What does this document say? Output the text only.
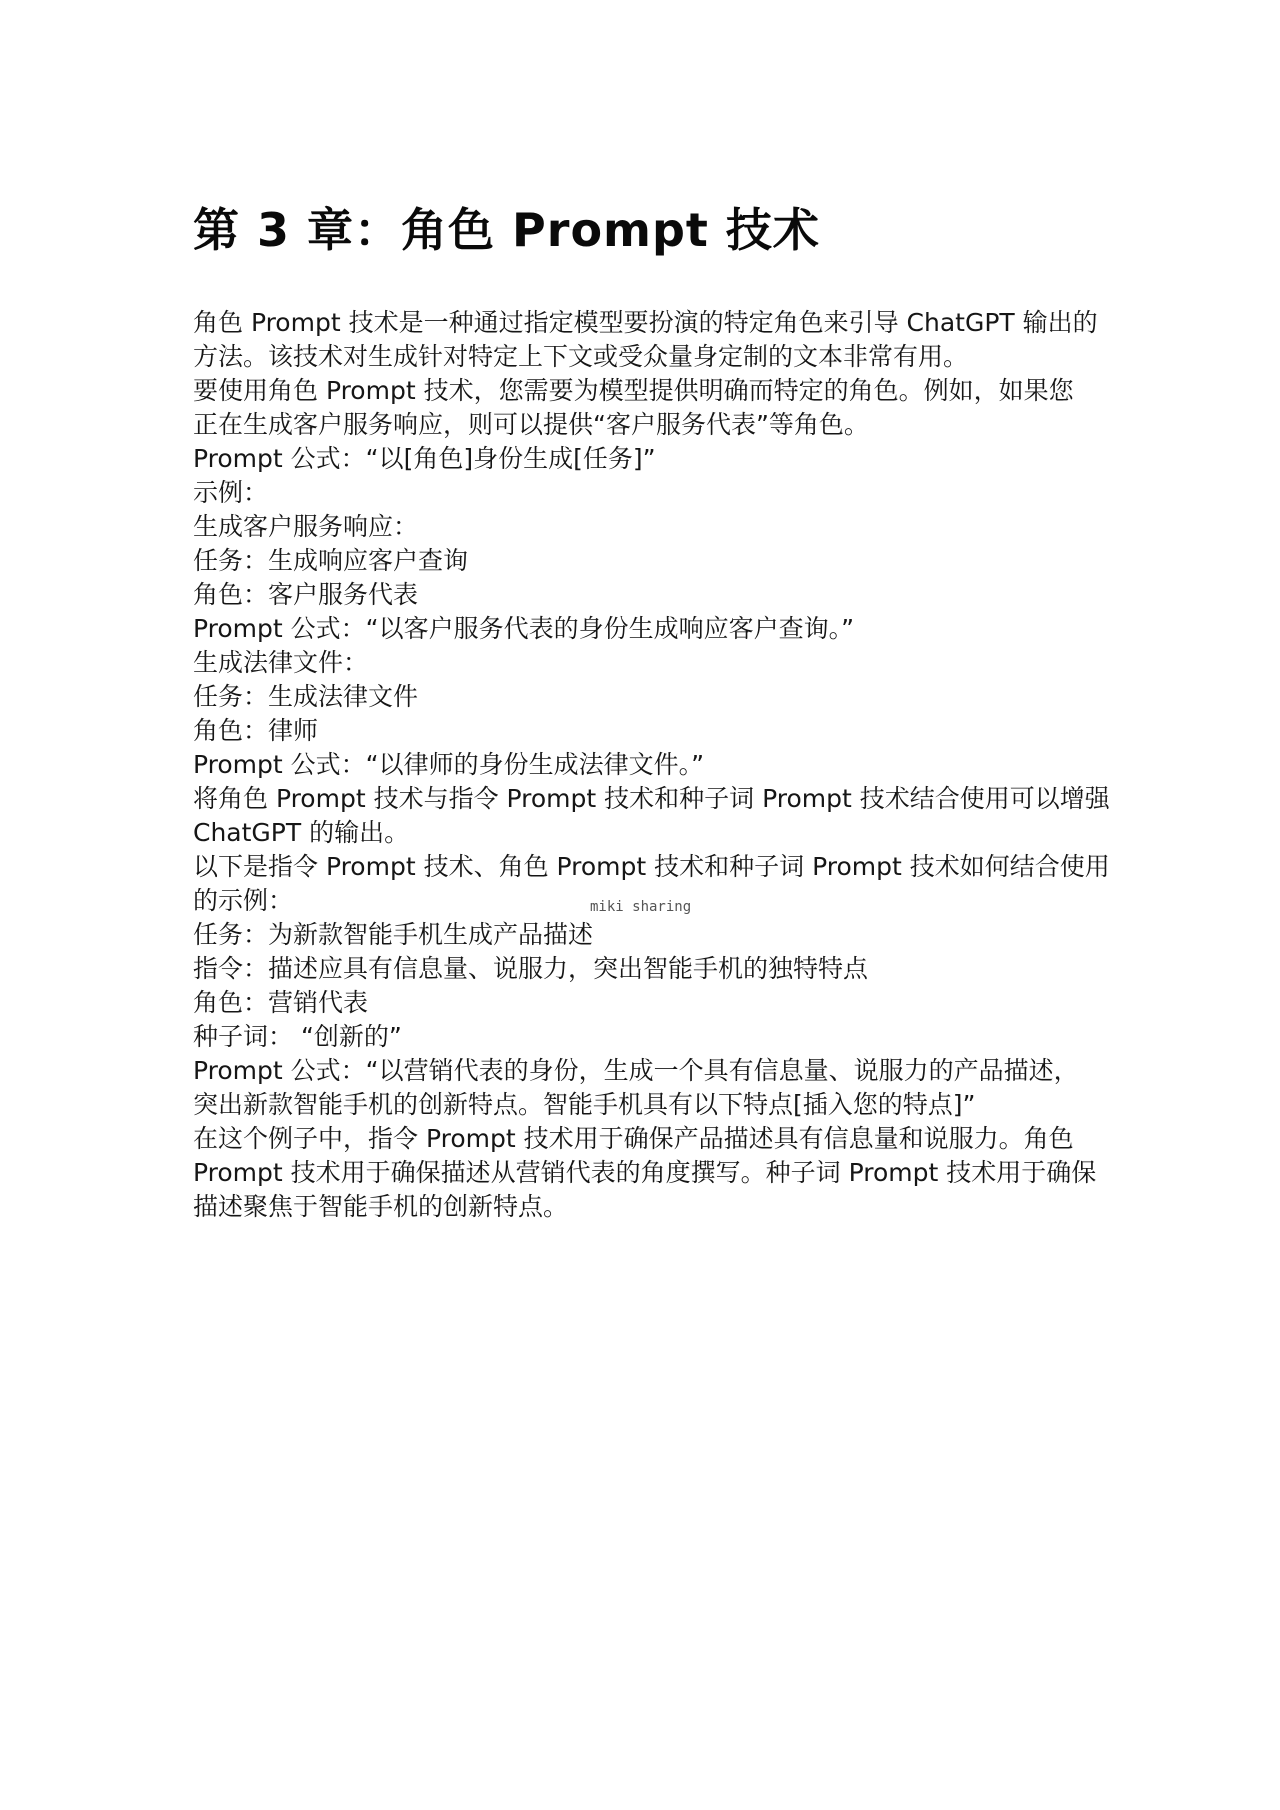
第 3 章：角色 Prompt 技术
角色 Prompt 技术是一种通过指定模型要扮演的特定角色来引导 ChatGPT 输出的
方法。该技术对生成针对特定上下文或受众量身定制的文本非常有用。
要使用角色 Prompt 技术，您需要为模型提供明确而特定的角色。例如，如果您
正在生成客户服务响应，则可以提供“客户服务代表”等角色。
Prompt 公式：“以[角色]身份生成[任务]”
示例：
生成客户服务响应：
任务：生成响应客户查询
角色：客户服务代表
Prompt 公式：“以客户服务代表的身份生成响应客户查询。”
生成法律文件：
任务：生成法律文件
角色：律师
Prompt 公式：“以律师的身份生成法律文件。”
将角色 Prompt 技术与指令 Prompt 技术和种子词 Prompt 技术结合使用可以增强
ChatGPT 的输出。
以下是指令 Prompt 技术、角色 Prompt 技术和种子词 Prompt 技术如何结合使用
的示例：
任务：为新款智能手机生成产品描述
指令：描述应具有信息量、说服力，突出智能手机的独特特点
角色：营销代表
种子词： “创新的”
Prompt 公式：“以营销代表的身份，生成一个具有信息量、说服力的产品描述，
突出新款智能手机的创新特点。智能手机具有以下特点[插入您的特点]”
在这个例子中，指令 Prompt 技术用于确保产品描述具有信息量和说服力。角色
Prompt 技术用于确保描述从营销代表的角度撰写。种子词 Prompt 技术用于确保
描述聚焦于智能手机的创新特点。
miki sharing
